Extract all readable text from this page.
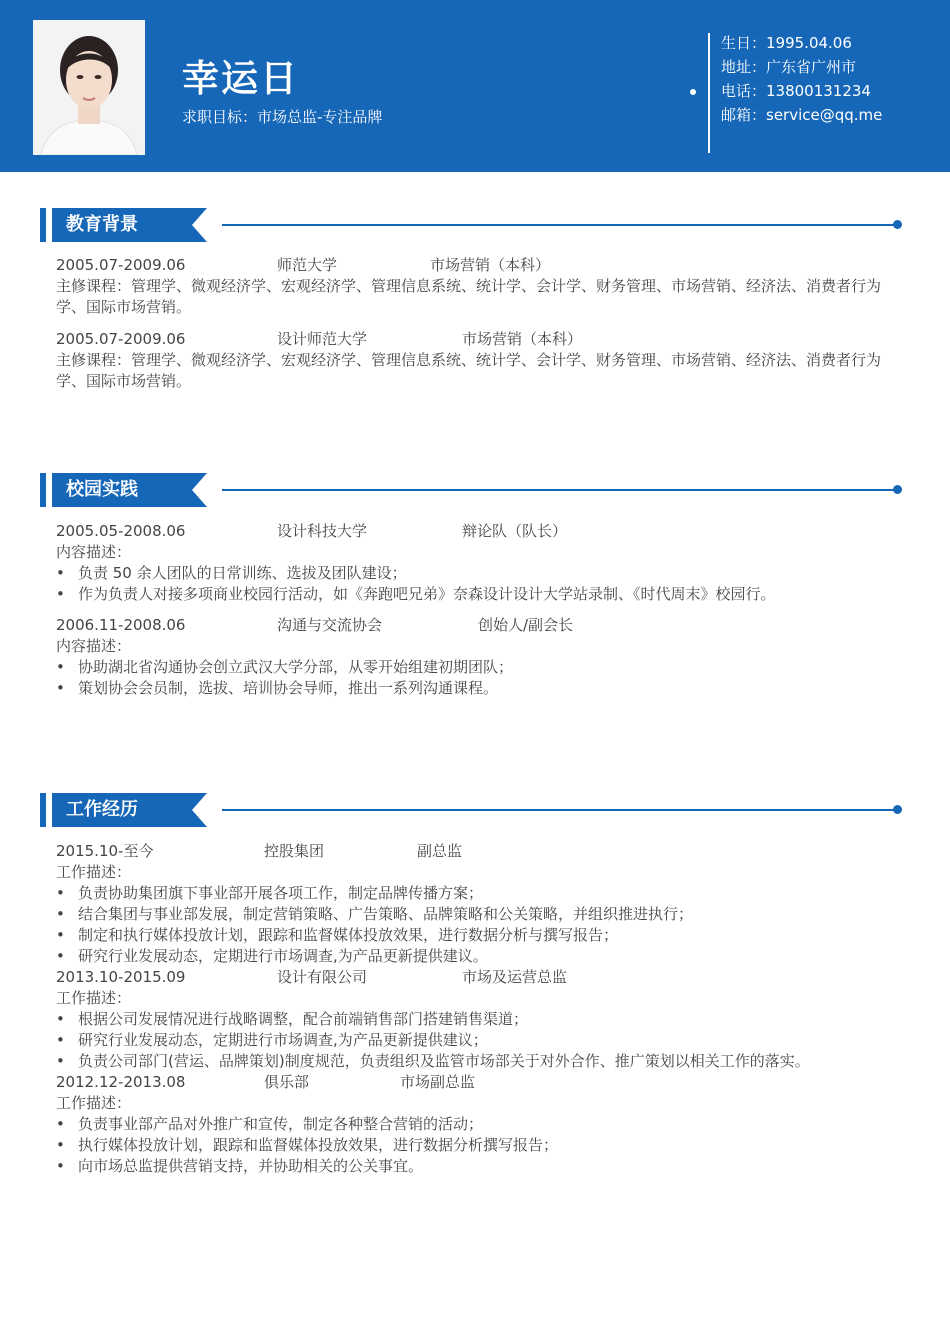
幸运日
求职目标：市场总监-专注品牌
生日：1995.04.06
地址：广东省广州市
电话：13800131234
邮箱：service@qq.me
教育背景
2005.07-2009.06	师范大学	市场营销（本科）

主修课程：管理学、微观经济学、宏观经济学、管理信息系统、统计学、会计学、财务管理、市场营销、经济法、消费者行为学、国际市场营销。

2005.07-2009.06	设计师范大学	市场营销（本科）

主修课程：管理学、微观经济学、宏观经济学、管理信息系统、统计学、会计学、财务管理、市场营销、经济法、消费者行为学、国际市场营销。

校园实践
2005.05-2008.06	设计科技大学	辩论队（队长）
内容描述：
• 负责 50 余人团队的日常训练、选拔及团队建设；
• 作为负责人对接多项商业校园行活动，如《奔跑吧兄弟》奈森设计设计大学站录制、《时代周末》校园行。
2006.11-2008.06	沟通与交流协会	创始人/副会长
内容描述：
• 协助湖北省沟通协会创立武汉大学分部，从零开始组建初期团队；
• 策划协会会员制，选拔、培训协会导师，推出一系列沟通课程。
工作经历
2015.10-至今	控股集团	副总监
工作描述：
• 负责协助集团旗下事业部开展各项工作，制定品牌传播方案；
• 结合集团与事业部发展，制定营销策略、广告策略、品牌策略和公关策略，并组织推进执行；
• 制定和执行媒体投放计划，跟踪和监督媒体投放效果，进行数据分析与撰写报告；
• 研究行业发展动态，定期进行市场调查,为产品更新提供建议。
2013.10-2015.09	设计有限公司	市场及运营总监
工作描述：
• 根据公司发展情况进行战略调整，配合前端销售部门搭建销售渠道；
• 研究行业发展动态，定期进行市场调查,为产品更新提供建议；
• 负责公司部门(营运、品牌策划)制度规范，负责组织及监管市场部关于对外合作、推广策划以相关工作的落实。
2012.12-2013.08	俱乐部	市场副总监
工作描述：
• 负责事业部产品对外推广和宣传，制定各种整合营销的活动；
• 执行媒体投放计划，跟踪和监督媒体投放效果，进行数据分析撰写报告；
• 向市场总监提供营销支持，并协助相关的公关事宜。
